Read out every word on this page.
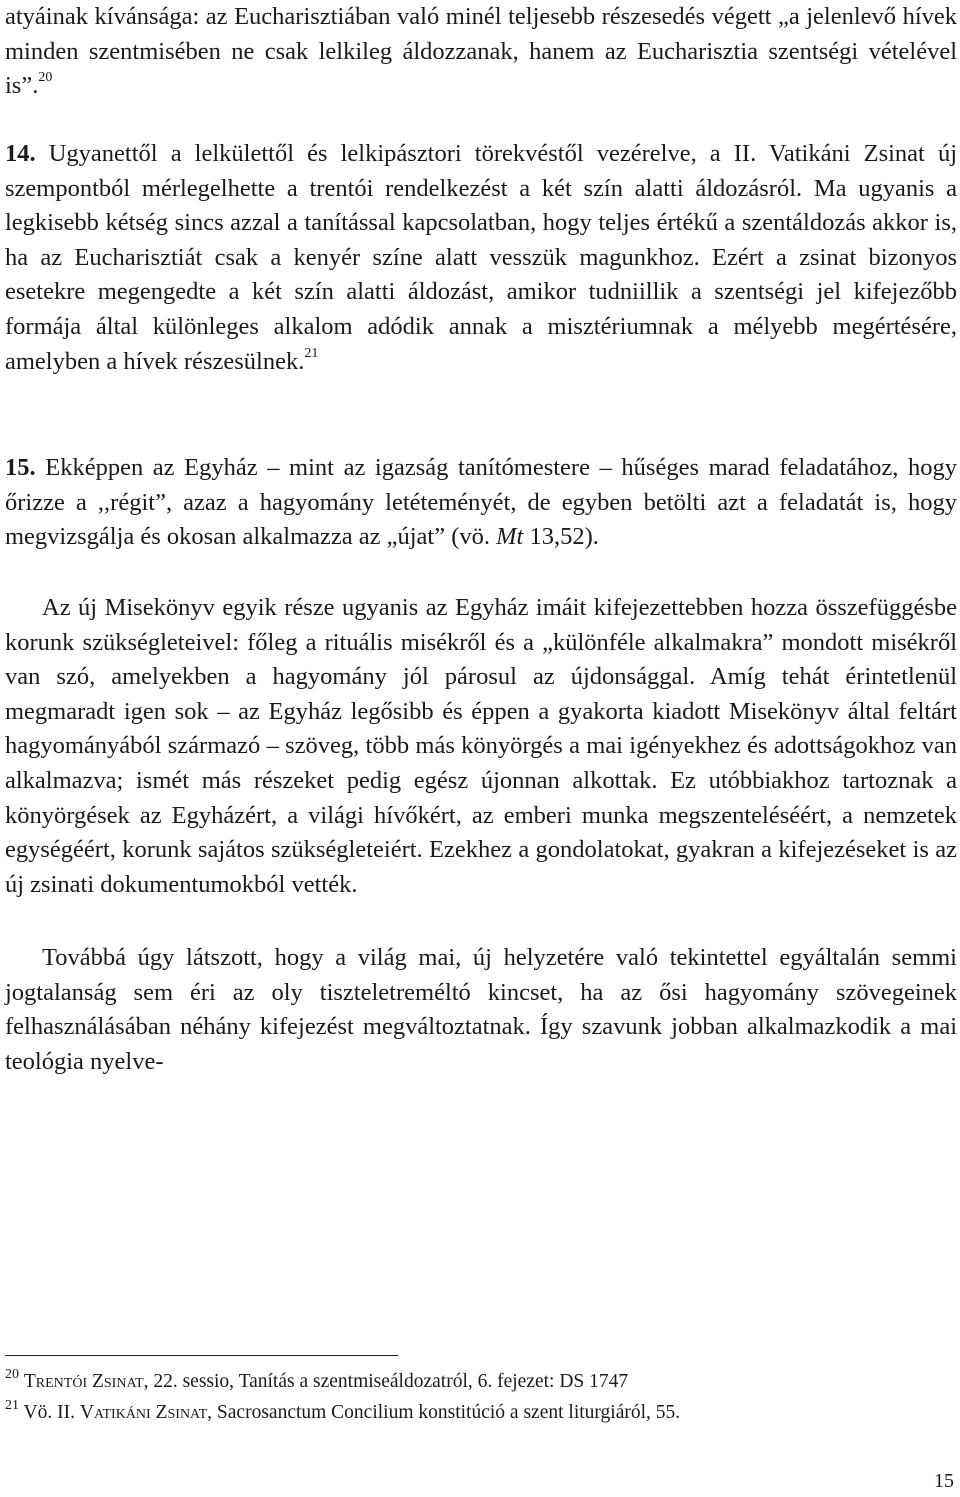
atyáinak kívánsága: az Eucharisztiában való minél teljesebb részesedés végett „a jelenlevő hívek minden szentmisében ne csak lelkileg áldozzanak, hanem az Eucharisztia szentségi vételével is”.$^{20}$

14. Ugyanettől a lelkülettől és lelkipásztori törekvéstől vezérelve, a II. Vatikáni Zsinat új szempontból mérlegelhette a trentói rendelkezést a két szín alatti áldozásról. Ma ugyanis a legkisebb kétség sincs azzal a tanítással kapcsolatban, hogy teljes értékű a szentáldozás akkor is, ha az Eucharisztiát csak a kenyér színe alatt vesszük magunkhoz. Ezért a zsinat bizonyos esetekre megengedte a két szín alatti áldozást, amikor tudniillik a szentségi jel kifejezőbb formája által különleges alkalom adódik annak a misztériumnak a mélyebb megértésére, amelyben a hívek részesülnek.$^{21}$

15. Ekképpen az Egyház – mint az igazság tanítómestere – hűséges marad feladatához, hogy őrizze a ,,régit”, azaz a hagyomány letéteményét, de egyben betölti azt a feladatát is, hogy megvizsgálja és okosan alkalmazza az „újat” (vö. Mt 13,52).

Az új Misekönyv egyik része ugyanis az Egyház imáit kifejezettebben hozza összefüggésbe korunk szükségleteivel: főleg a rituális misékről és a „különféle alkalmakra” mondott misékről van szó, amelyekben a hagyomány jól párosul az újdonsággal. Amíg tehát érintetlenül megmaradt igen sok – az Egyház legősibb és éppen a gyakorta kiadott Misekönyv által feltárt hagyományából származó – szöveg, több más könyörgés a mai igényekhez és adottságokhoz van alkalmazva; ismét más részeket pedig egész újonnan alkottak. Ez utóbbiakhoz tartoznak a könyörgések az Egyházért, a világi hívőkért, az emberi munka megszenteléséért, a nemzetek egységéért, korunk sajátos szükségleteiért. Ezekhez a gondolatokat, gyakran a kifejezéseket is az új zsinati dokumentumokból vették.

Továbbá úgy látszott, hogy a világ mai, új helyzetére való tekintettel egyáltalán semmi jogtalanság sem éri az oly tiszteletreméltó kincset, ha az ősi hagyomány szövegeinek felhasználásában néhány kifejezést megváltoztatnak. Így szavunk jobban alkalmazkodik a mai teológia nyelve-

$^{20}$ Trentói Zsinat, 22. sessio, Tanítás a szentmiseáldozatról, 6. fejezet: DS 1747

$^{21}$ Vö. II. Vatikáni Zsinat, Sacrosanctum Concilium konstitúció a szent liturgiáról, 55.

15
